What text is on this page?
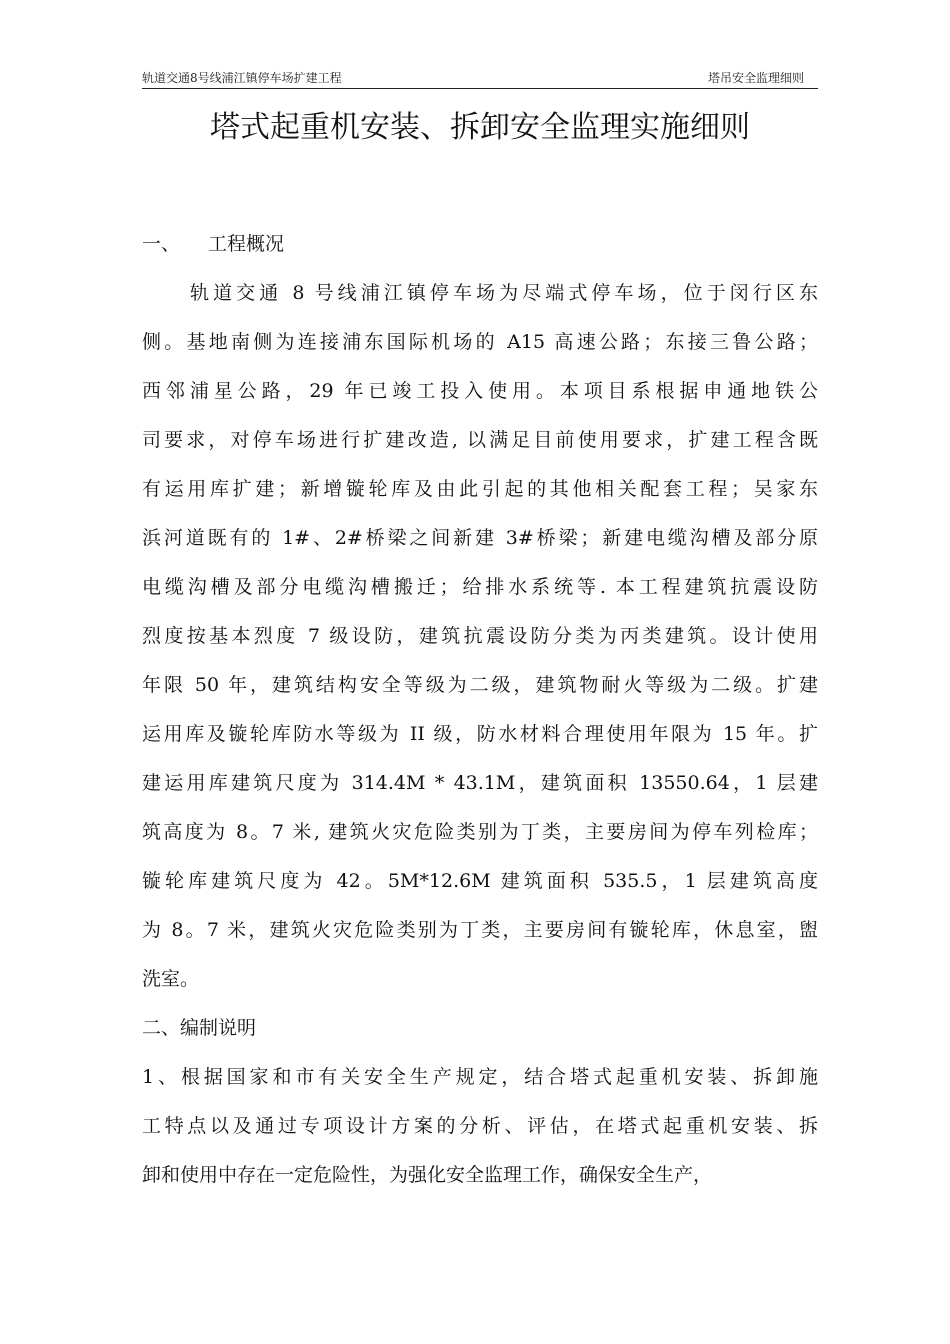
轨道交通8号线浦江镇停车场扩建工程	塔吊安全监理细则
塔式起重机安装、拆卸安全监理实施细则
一、 工程概况
轨道交通 8 号线浦江镇停车场为尽端式停车场，位于闵行区东
侧。基地南侧为连接浦东国际机场的 A15 高速公路；东接三鲁公路；
西邻浦星公路，29 年已竣工投入使用。本项目系根据申通地铁公
司要求，对停车场进行扩建改造, 以满足目前使用要求，扩建工程含既
有运用库扩建；新增镟轮库及由此引起的其他相关配套工程；吴家东
浜河道既有的 1#、2#桥梁之间新建 3#桥梁；新建电缆沟槽及部分原
电缆沟槽及部分电缆沟槽搬迁；给排水系统等. 本工程建筑抗震设防
烈度按基本烈度 7 级设防，建筑抗震设防分类为丙类建筑。设计使用
年限 50 年，建筑结构安全等级为二级，建筑物耐火等级为二级。扩建
运用库及镟轮库防水等级为 II 级，防水材料合理使用年限为 15 年。扩
建运用库建筑尺度为 314.4M * 43.1M，建筑面积 13550.64，1 层建
筑高度为 8。7 米, 建筑火灾危险类别为丁类，主要房间为停车列检库；
镟轮库建筑尺度为 42。5M*12.6M 建筑面积 535.5，1 层建筑高度
为 8。7 米，建筑火灾危险类别为丁类，主要房间有镟轮库，休息室，盥
洗室。
二、编制说明
1、根据国家和市有关安全生产规定，结合塔式起重机安装、拆卸施
工特点以及通过专项设计方案的分析、评估，在塔式起重机安装、拆
卸和使用中存在一定危险性，为强化安全监理工作，确保安全生产，
